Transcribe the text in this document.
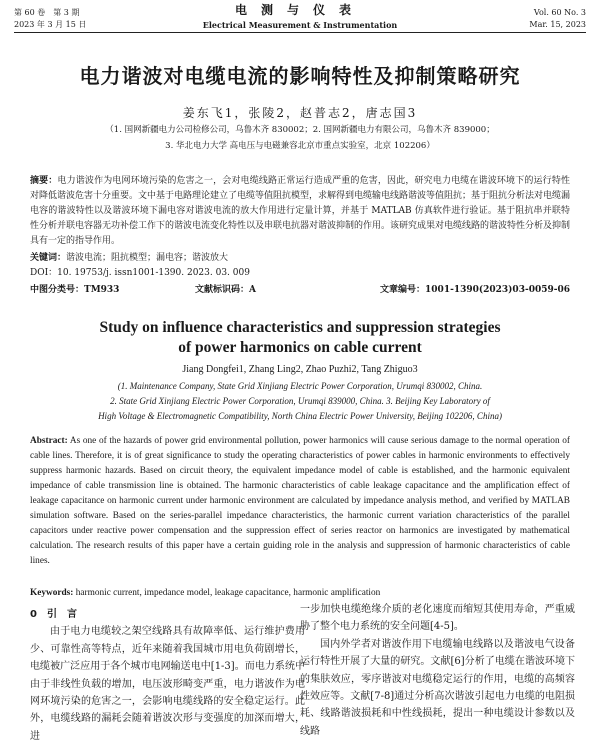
第 60 卷　第 3 期	电测与仪表	Vol. 60 No. 3
2023 年 3 月 15 日	Electrical Measurement & Instrumentation	Mar. 15, 2023
电力谐波对电缆电流的影响特性及抑制策略研究
姜东飞1，张陵2，赵普志2，唐志国3
（1. 国网新疆电力公司检修公司，乌鲁木齐 830002；2. 国网新疆电力有限公司，乌鲁木齐 839000；
3. 华北电力大学 高电压与电磁兼容北京市重点实验室，北京 102206）
摘要：电力谐波作为电网环境污染的危害之一，会对电缆线路正常运行造成严重的危害，因此，研究电力电缆在谐波环境下的运行特性对降低谐波危害十分重要。文中基于电路理论建立了电缆等值阻抗模型，求解得到电缆输电线路谐波等值阻抗；基于阻抗分析法对电缆漏电容的谐波特性以及谐波环境下漏电容对谐波电流的放大作用进行定量计算，并基于 MATLAB 仿真软件进行验证。基于阻抗串并联特性分析并联电容器无功补偿工作下的谐波电流变化特性以及串联电抗器对谐波抑制的作用。该研究成果对电缆线路的谐波特性分析及抑制具有一定的指导作用。
关键词：谐波电流；阻抗模型；漏电容；谐波放大
DOI：10. 19753/j. issn1001-1390. 2023. 03. 009
中图分类号：TM933	文献标识码：A	文章编号：1001-1390(2023)03-0059-06
Study on influence characteristics and suppression strategies
of power harmonics on cable current
Jiang Dongfei1, Zhang Ling2, Zhao Puzhi2, Tang Zhiguo3
(1. Maintenance Company, State Grid Xinjiang Electric Power Corporation, Urumqi 830002, China.
2. State Grid Xinjiang Electric Power Corporation, Urumqi 839000, China. 3. Beijing Key Laboratory of
High Voltage & Electromagnetic Compatibility, North China Electric Power University, Beijing 102206, China)
Abstract: As one of the hazards of power grid environmental pollution, power harmonics will cause serious damage to the normal operation of cable lines. Therefore, it is of great significance to study the operating characteristics of power cables in harmonic environments to effectively suppress harmonic hazards. Based on circuit theory, the equivalent impedance model of cable is established, and the harmonic equivalent impedance of cable transmission line is obtained. The harmonic characteristics of cable leakage capacitance and the amplification effect of leakage capacitance on harmonic current under harmonic environment are calculated by impedance analysis method, and verified by MATLAB simulation software. Based on the series-parallel impedance characteristics, the harmonic current variation characteristics of the parallel capacitors under reactive power compensation and the suppression effect of series reactor on harmonics are investigated by mathematical calculation. The research results of this paper have a certain guiding role in the analysis and suppression of harmonic characteristics of cable lines.
Keywords: harmonic current, impedance model, leakage capacitance, harmonic amplification
0　引　言
由于电力电缆较之架空线路具有故障率低、运行维护费用少、可靠性高等特点，近年来随着我国城市用电负荷剧增长，电缆被广泛应用于各个城市电网输送电中[1-3]。而电力系统中由于非线性负载的增加，电压波形畸变严重，电力谐波作为电网环境污染的危害之一，会影响电缆线路的安全稳定运行。此外，电缆线路的漏耗会随着谐波次形与变强度的加深而增大，进
一步加快电缆绝缘介质的老化速度而缩短其使用寿命，严重威胁了整个电力系统的安全问题[4-5]。
国内外学者对谐波作用下电缆输电线路以及谐波电气设备运行特性开展了大量的研究。文献[6]分析了电缆在谐波环境下的集肤效应，零序谐波对电缆稳定运行的作用，电缆的高频容性效应等。文献[7-8]通过分析高次谐波引起电力电缆的电阻损耗、线路谐波损耗和中性线损耗，提出一种电缆设计参数以及线路
